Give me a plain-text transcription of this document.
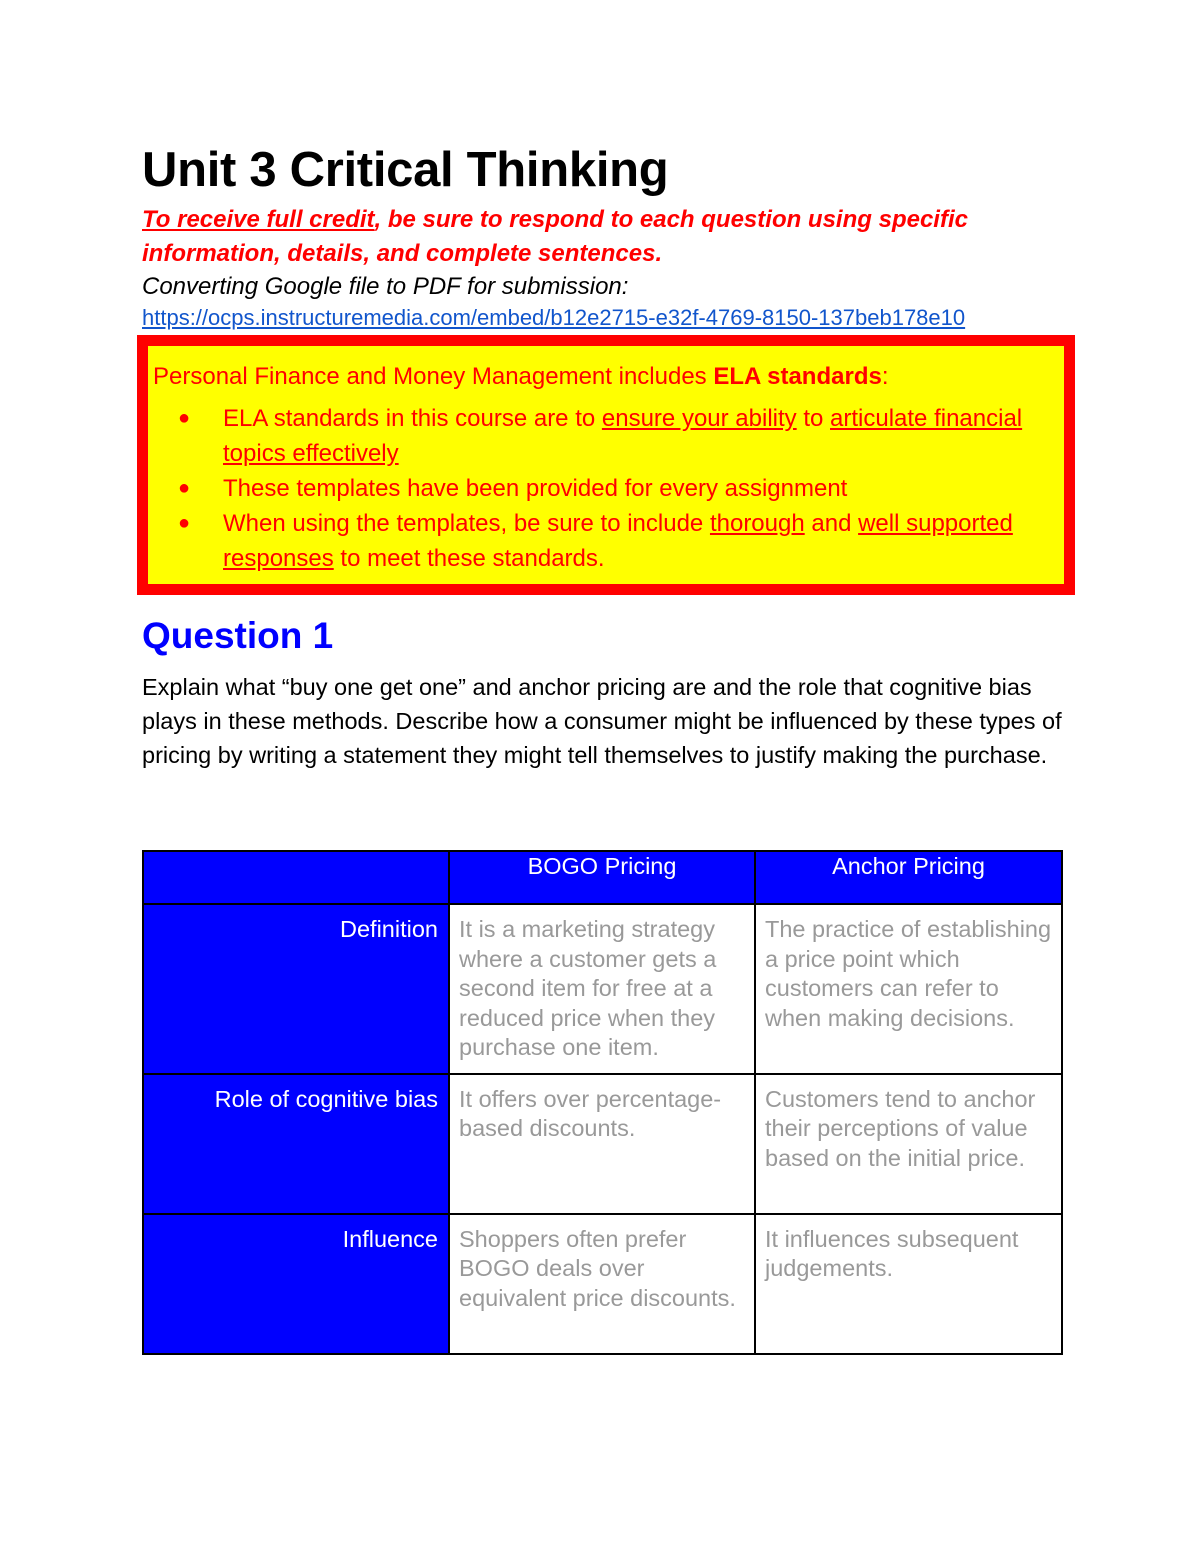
Unit 3 Critical Thinking
To receive full credit, be sure to respond to each question using specific information, details, and complete sentences.
Converting Google file to PDF for submission:
https://ocps.instructuremedia.com/embed/b12e2715-e32f-4769-8150-137beb178e10
Personal Finance and Money Management includes ELA standards:
● ELA standards in this course are to ensure your ability to articulate financial topics effectively
● These templates have been provided for every assignment
● When using the templates, be sure to include thorough and well supported responses to meet these standards.
Question 1
Explain what “buy one get one” and anchor pricing are and the role that cognitive bias plays in these methods. Describe how a consumer might be influenced by these types of pricing by writing a statement they might tell themselves to justify making the purchase.
	BOGO Pricing	Anchor Pricing
Definition	It is a marketing strategy where a customer gets a second item for free at a reduced price when they purchase one item.	The practice of establishing a price point which customers can refer to when making decisions.
Role of cognitive bias	It offers over percentage-based discounts.	Customers tend to anchor their perceptions of value based on the initial price.
Influence	Shoppers often prefer BOGO deals over equivalent price discounts.	It influences subsequent judgements.
